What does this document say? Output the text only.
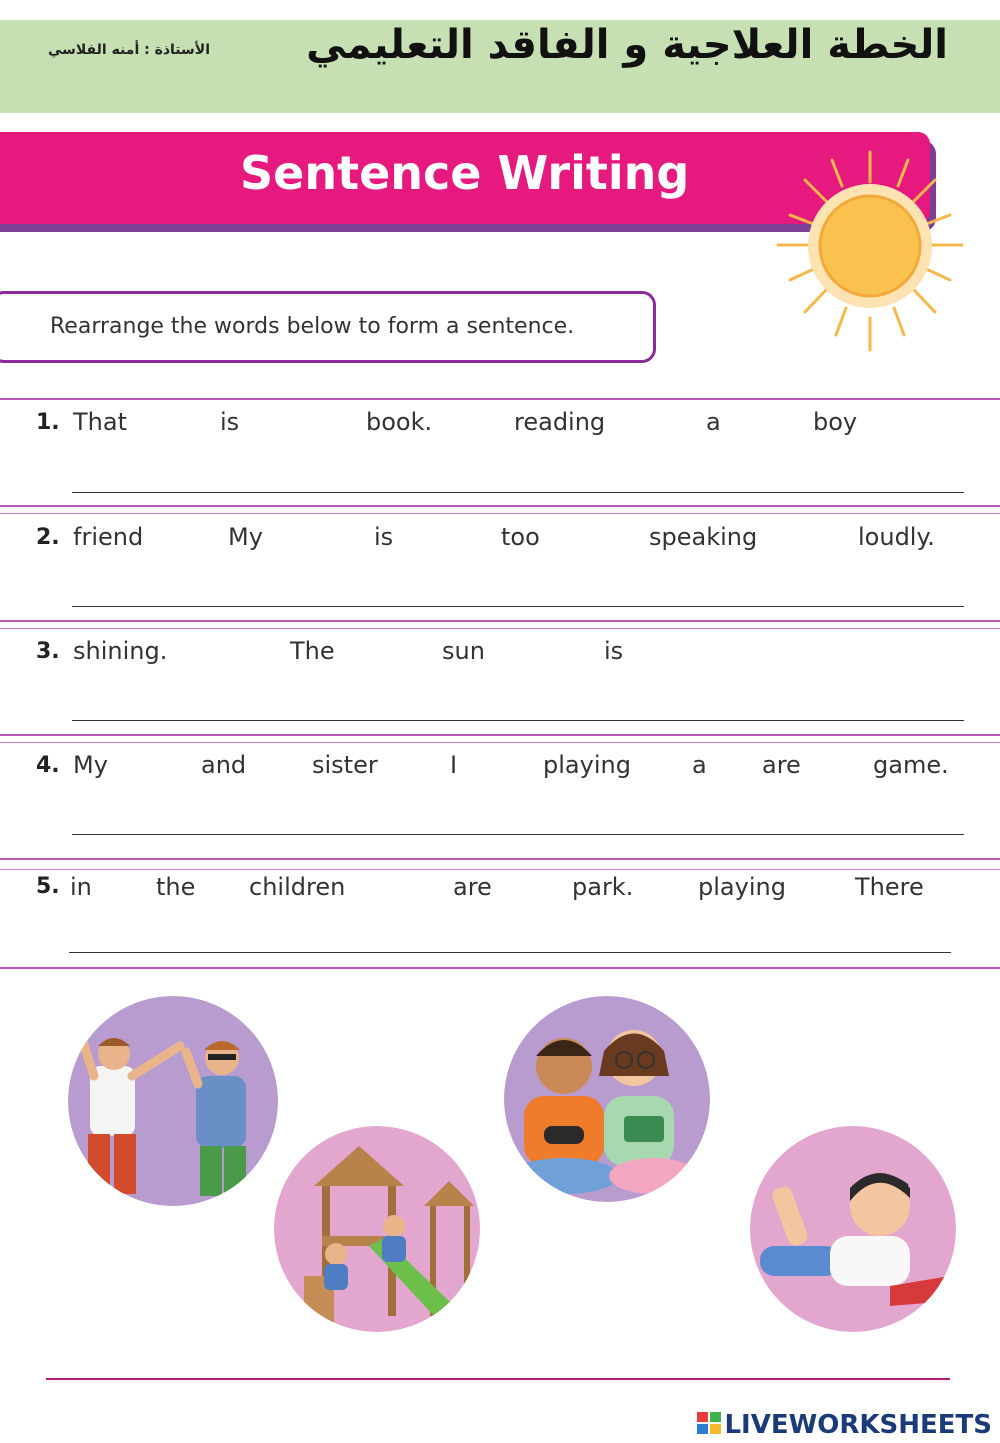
الخطة العلاجية و الفاقد التعليمي
الأستاذة : أمنه الفلاسي
Sentence Writing
Rearrange the words below to form a sentence.
1. That	is	book.	reading	a	boy
2. friend	My	is	too	speaking	loudly.
3. shining.	The	sun	is
4. My	and	sister	I	playing	a are	game.
5. in	the children	are	park.	playing	There
LIVEWORKSHEETS
